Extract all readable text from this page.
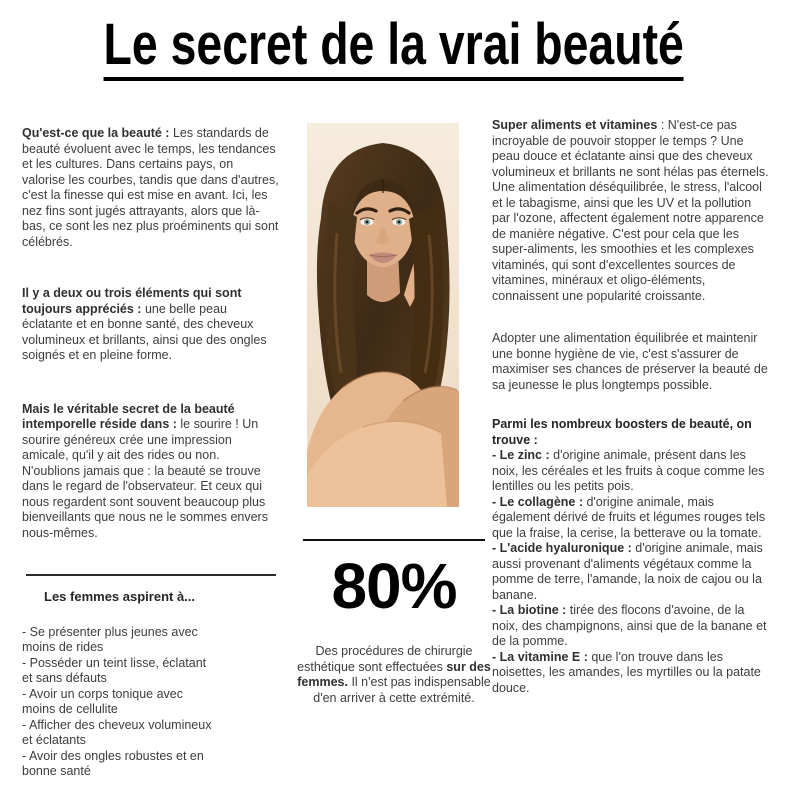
Le secret de la vrai beauté

Qu'est-ce que la beauté : Les standards de beauté évoluent avec le temps, les tendances et les cultures. Dans certains pays, on valorise les courbes, tandis que dans d'autres, c'est la finesse qui est mise en avant. Ici, les nez fins sont jugés attrayants, alors que là-bas, ce sont les nez plus proéminents qui sont célébrés.

Il y a deux ou trois éléments qui sont toujours appréciés : une belle peau éclatante et en bonne santé, des cheveux volumineux et brillants, ainsi que des ongles soignés et en pleine forme.

Mais le véritable secret de la beauté intemporelle réside dans : le sourire ! Un sourire généreux crée une impression amicale, qu'il y ait des rides ou non. N'oublions jamais que : la beauté se trouve dans le regard de l'observateur. Et ceux qui nous regardent sont souvent beaucoup plus bienveillants que nous ne le sommes envers nous-mêmes.

Les femmes aspirent à...
- Se présenter plus jeunes avec moins de rides
- Posséder un teint lisse, éclatant et sans défauts
- Avoir un corps tonique avec moins de cellulite
- Afficher des cheveux volumineux et éclatants
- Avoir des ongles robustes et en bonne santé
80%
Des procédures de chirurgie esthétique sont effectuées sur des femmes. Il n'est pas indispensable d'en arriver à cette extrémité.

Super aliments et vitamines : N'est-ce pas incroyable de pouvoir stopper le temps ? Une peau douce et éclatante ainsi que des cheveux volumineux et brillants ne sont hélas pas éternels. Une alimentation déséquilibrée, le stress, l'alcool et le tabagisme, ainsi que les UV et la pollution par l'ozone, affectent également notre apparence de manière négative. C'est pour cela que les super-aliments, les smoothies et les complexes vitaminés, qui sont d'excellentes sources de vitamines, minéraux et oligo-éléments, connaissent une popularité croissante.

Adopter une alimentation équilibrée et maintenir une bonne hygiène de vie, c'est s'assurer de maximiser ses chances de préserver la beauté de sa jeunesse le plus longtemps possible.

Parmi les nombreux boosters de beauté, on trouve :

- Le zinc : d'origine animale, présent dans les noix, les céréales et les fruits à coque comme les lentilles ou les petits pois.
- Le collagène : d'origine animale, mais également dérivé de fruits et légumes rouges tels que la fraise, la cerise, la betterave ou la tomate.
- L'acide hyaluronique : d'origine animale, mais aussi provenant d'aliments végétaux comme la pomme de terre, l'amande, la noix de cajou ou la banane.
- La biotine : tirée des flocons d'avoine, de la noix, des champignons, ainsi que de la banane et de la pomme.
- La vitamine E : que l'on trouve dans les noisettes, les amandes, les myrtilles ou la patate douce.
